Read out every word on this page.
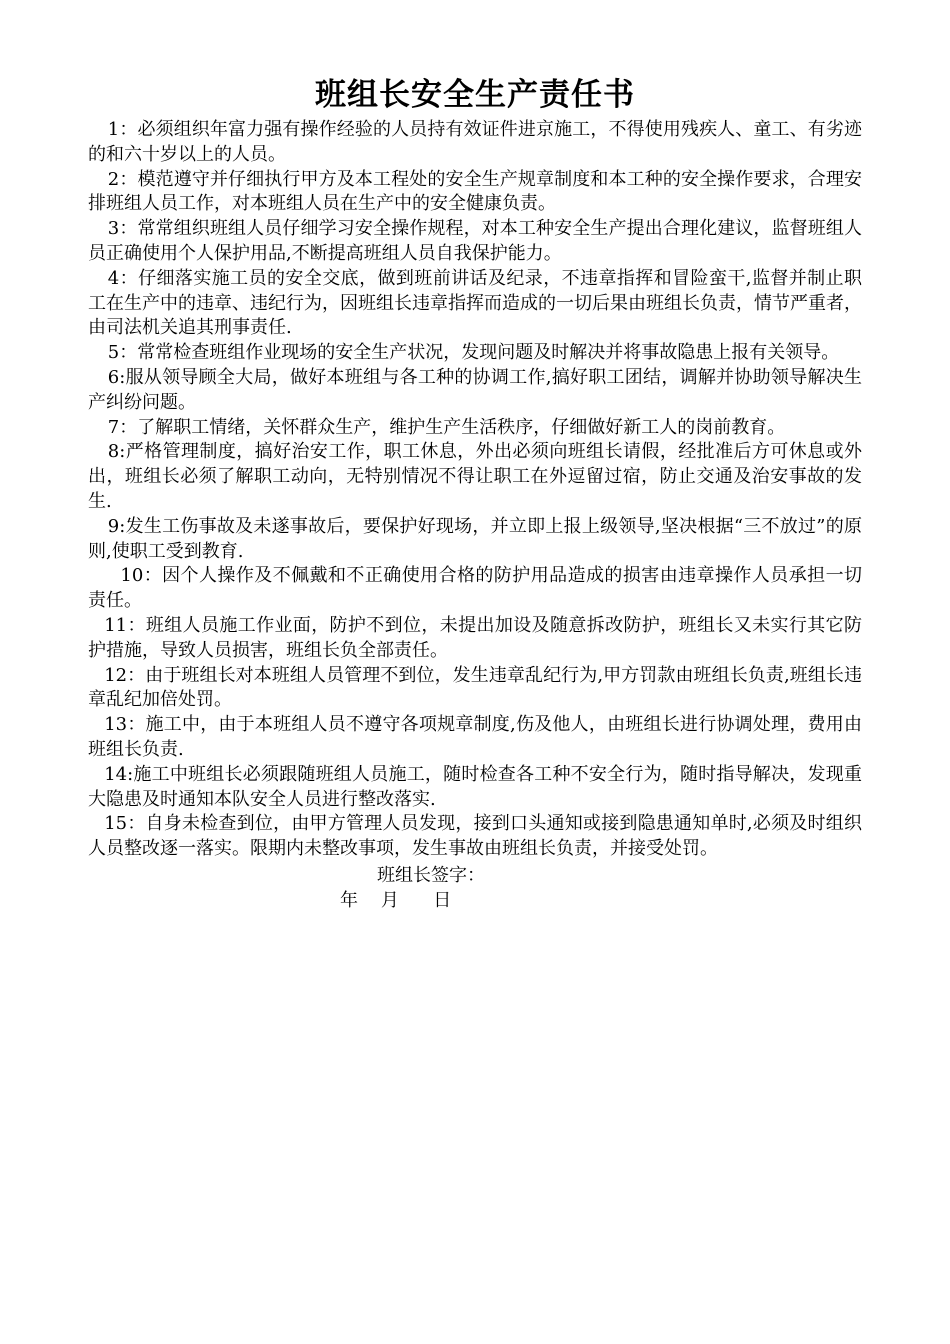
班组长安全生产责任书

1：必须组织年富力强有操作经验的人员持有效证件进京施工，不得使用残疾人、童工、有劣迹的和六十岁以上的人员。

2：模范遵守并仔细执行甲方及本工程处的安全生产规章制度和本工种的安全操作要求，合理安排班组人员工作，对本班组人员在生产中的安全健康负责。

3：常常组织班组人员仔细学习安全操作规程，对本工种安全生产提出合理化建议，监督班组人员正确使用个人保护用品,不断提高班组人员自我保护能力。

4：仔细落实施工员的安全交底，做到班前讲话及纪录，不违章指挥和冒险蛮干,监督并制止职工在生产中的违章、违纪行为，因班组长违章指挥而造成的一切后果由班组长负责，情节严重者，由司法机关追其刑事责任.

5：常常检查班组作业现场的安全生产状况，发现问题及时解决并将事故隐患上报有关领导。

6:服从领导顾全大局，做好本班组与各工种的协调工作,搞好职工团结，调解并协助领导解决生产纠纷问题。

7：了解职工情绪，关怀群众生产，维护生产生活秩序，仔细做好新工人的岗前教育。

8:严格管理制度，搞好治安工作，职工休息，外出必须向班组长请假，经批准后方可休息或外出，班组长必须了解职工动向，无特别情况不得让职工在外逗留过宿，防止交通及治安事故的发生.

9:发生工伤事故及未遂事故后，要保护好现场，并立即上报上级领导,坚决根据“三不放过”的原则,使职工受到教育.

10：因个人操作及不佩戴和不正确使用合格的防护用品造成的损害由违章操作人员承担一切责任。

11：班组人员施工作业面，防护不到位，未提出加设及随意拆改防护，班组长又未实行其它防护措施，导致人员损害，班组长负全部责任。

12：由于班组长对本班组人员管理不到位，发生违章乱纪行为,甲方罚款由班组长负责,班组长违章乱纪加倍处罚。

13：施工中，由于本班组人员不遵守各项规章制度,伤及他人，由班组长进行协调处理，费用由班组长负责.

14:施工中班组长必须跟随班组人员施工，随时检查各工种不安全行为，随时指导解决，发现重大隐患及时通知本队安全人员进行整改落实.

15：自身未检查到位，由甲方管理人员发现，接到口头通知或接到隐患通知单时,必须及时组织人员整改逐一落实。限期内未整改事项，发生事故由班组长负责，并接受处罚。

班组长签字：
年    月      日
